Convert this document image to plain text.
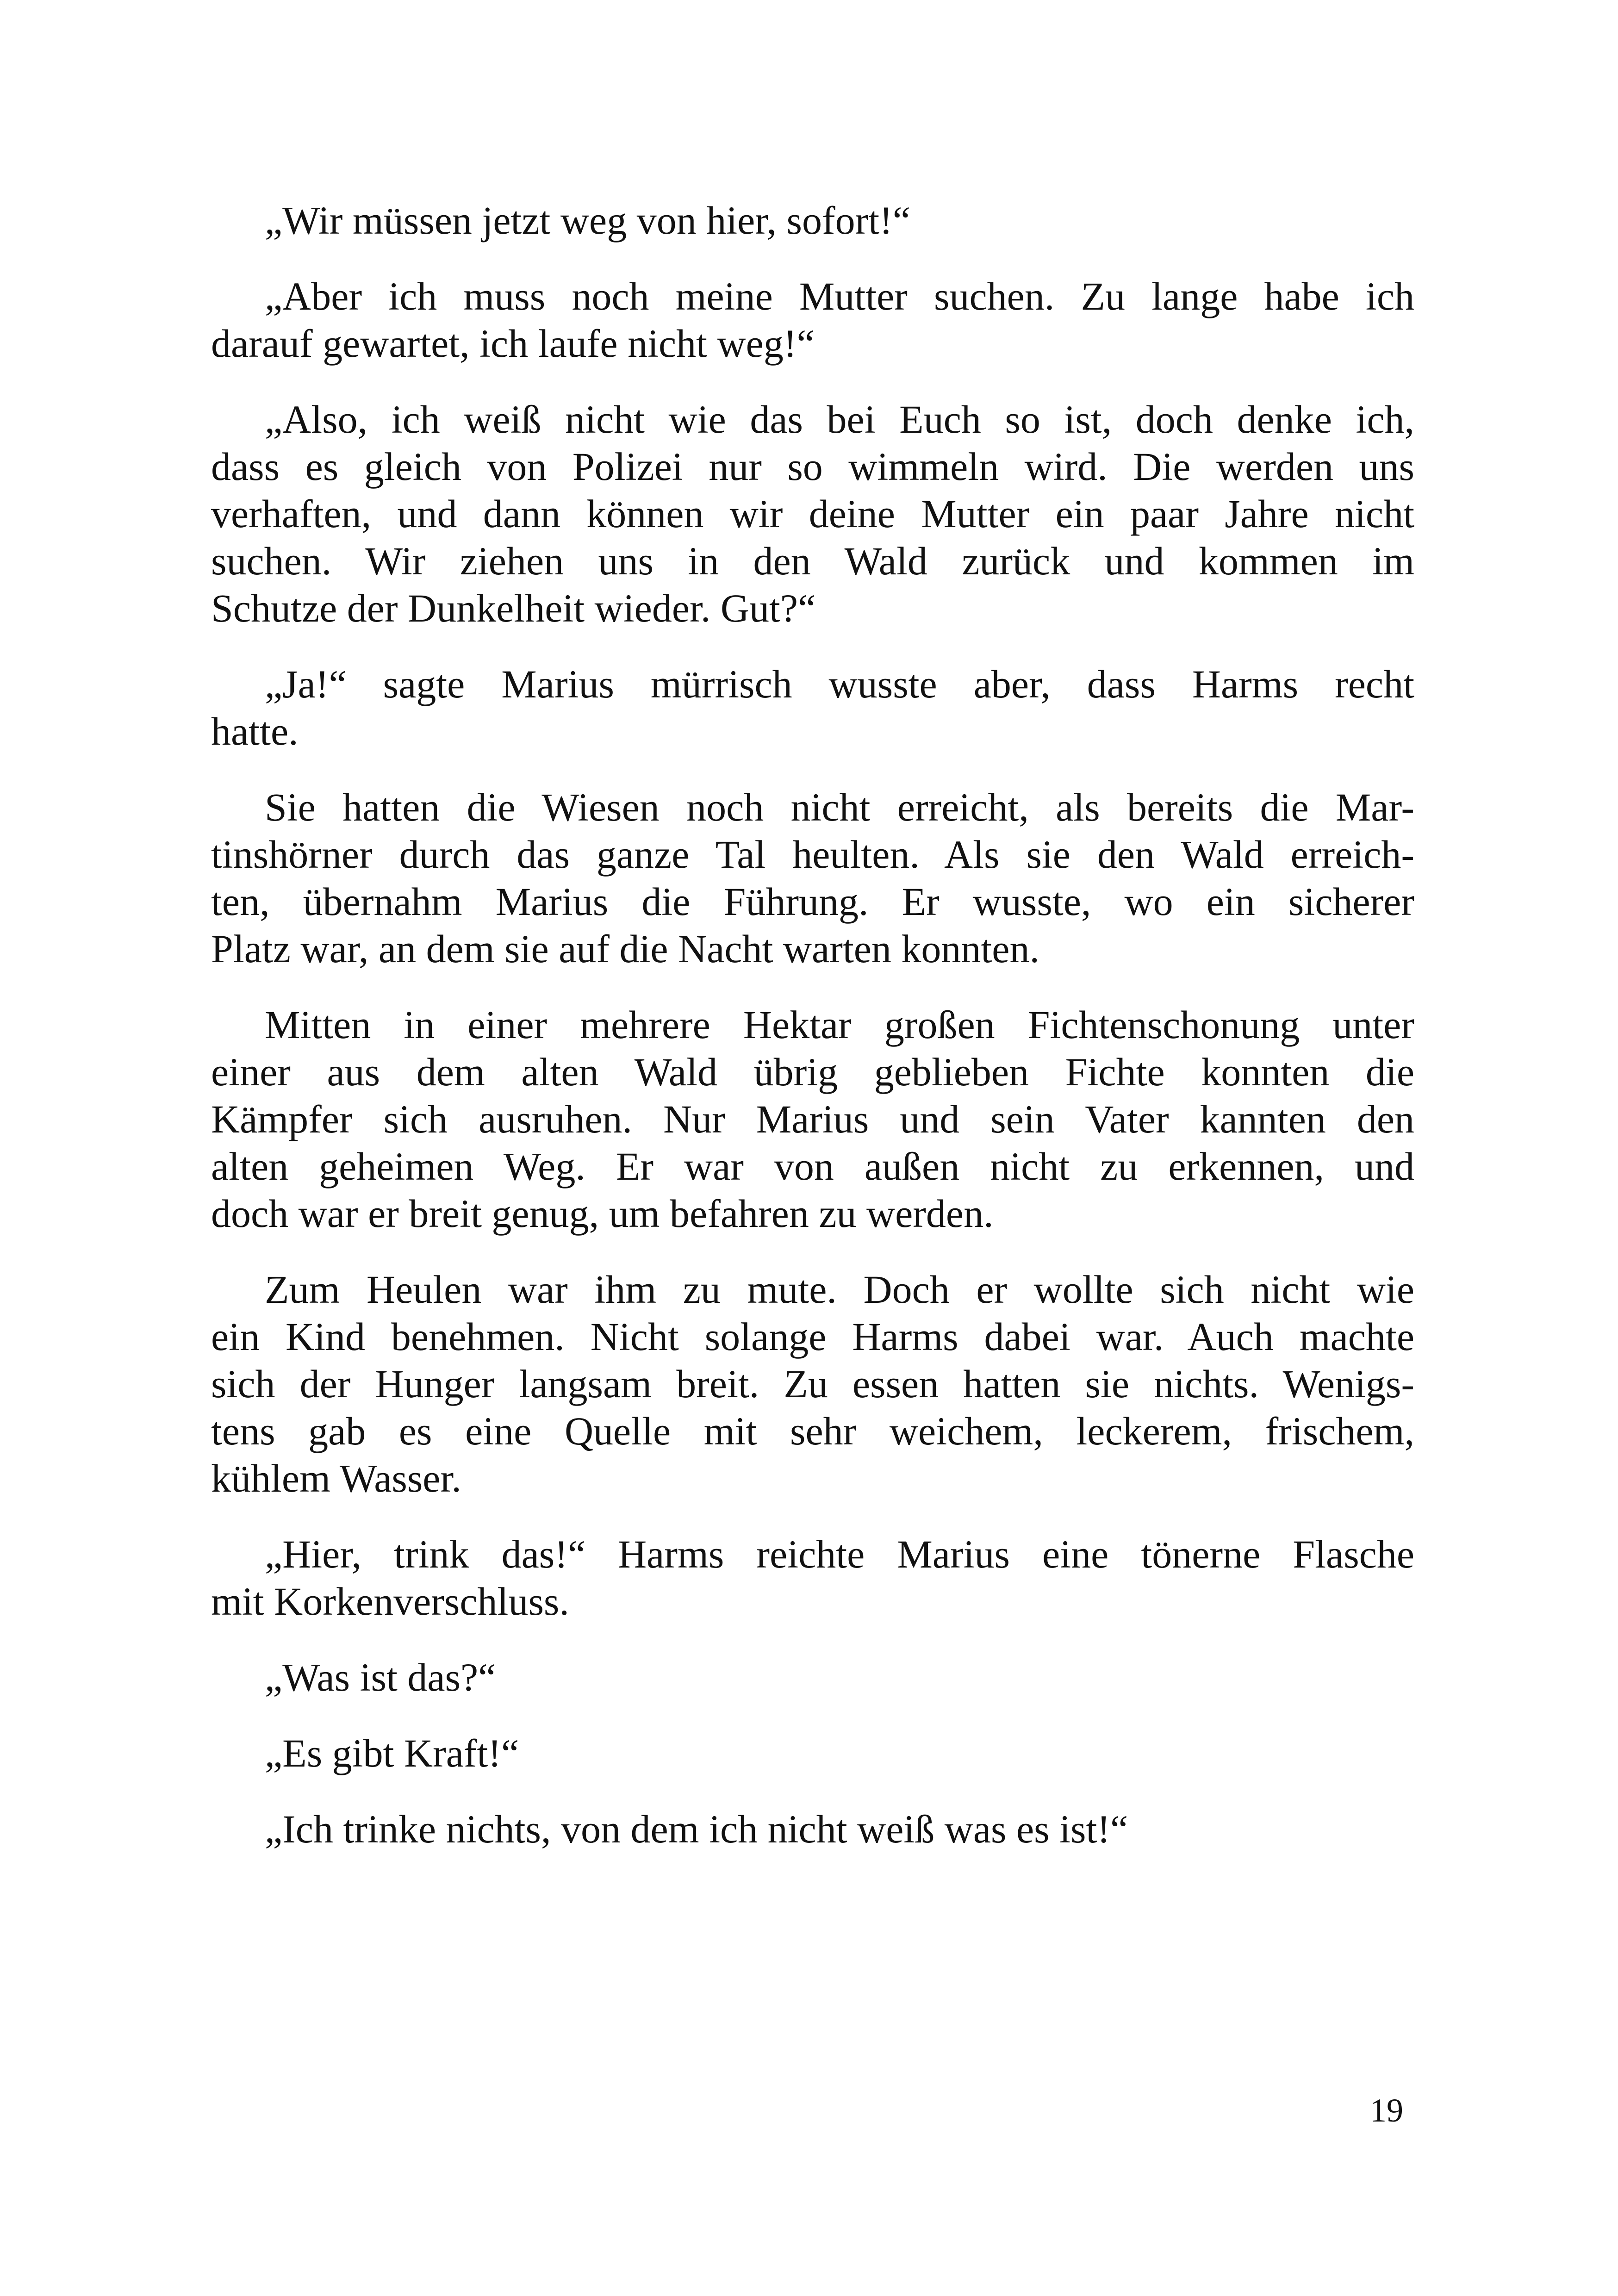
„Wir müssen jetzt weg von hier, sofort!“
„Aber ich muss noch meine Mutter suchen. Zu lange habe ich
darauf gewartet, ich laufe nicht weg!“
„Also, ich weiß nicht wie das bei Euch so ist, doch denke ich,
dass es gleich von Polizei nur so wimmeln wird. Die werden uns
verhaften, und dann können wir deine Mutter ein paar Jahre nicht
suchen. Wir ziehen uns in den Wald zurück und kommen im
Schutze der Dunkelheit wieder. Gut?“
„Ja!“ sagte Marius mürrisch wusste aber, dass Harms recht
hatte.
Sie hatten die Wiesen noch nicht erreicht, als bereits die Mar-
tinshörner durch das ganze Tal heulten. Als sie den Wald erreich-
ten, übernahm Marius die Führung. Er wusste, wo ein sicherer
Platz war, an dem sie auf die Nacht warten konnten.
Mitten in einer mehrere Hektar großen Fichtenschonung unter
einer aus dem alten Wald übrig geblieben Fichte konnten die
Kämpfer sich ausruhen. Nur Marius und sein Vater kannten den
alten geheimen Weg. Er war von außen nicht zu erkennen, und
doch war er breit genug, um befahren zu werden.
Zum Heulen war ihm zu mute. Doch er wollte sich nicht wie
ein Kind benehmen. Nicht solange Harms dabei war. Auch machte
sich der Hunger langsam breit. Zu essen hatten sie nichts. Wenigs-
tens gab es eine Quelle mit sehr weichem, leckerem, frischem,
kühlem Wasser.
„Hier, trink das!“ Harms reichte Marius eine tönerne Flasche
mit Korkenverschluss.
„Was ist das?“
„Es gibt Kraft!“
„Ich trinke nichts, von dem ich nicht weiß was es ist!“
19
